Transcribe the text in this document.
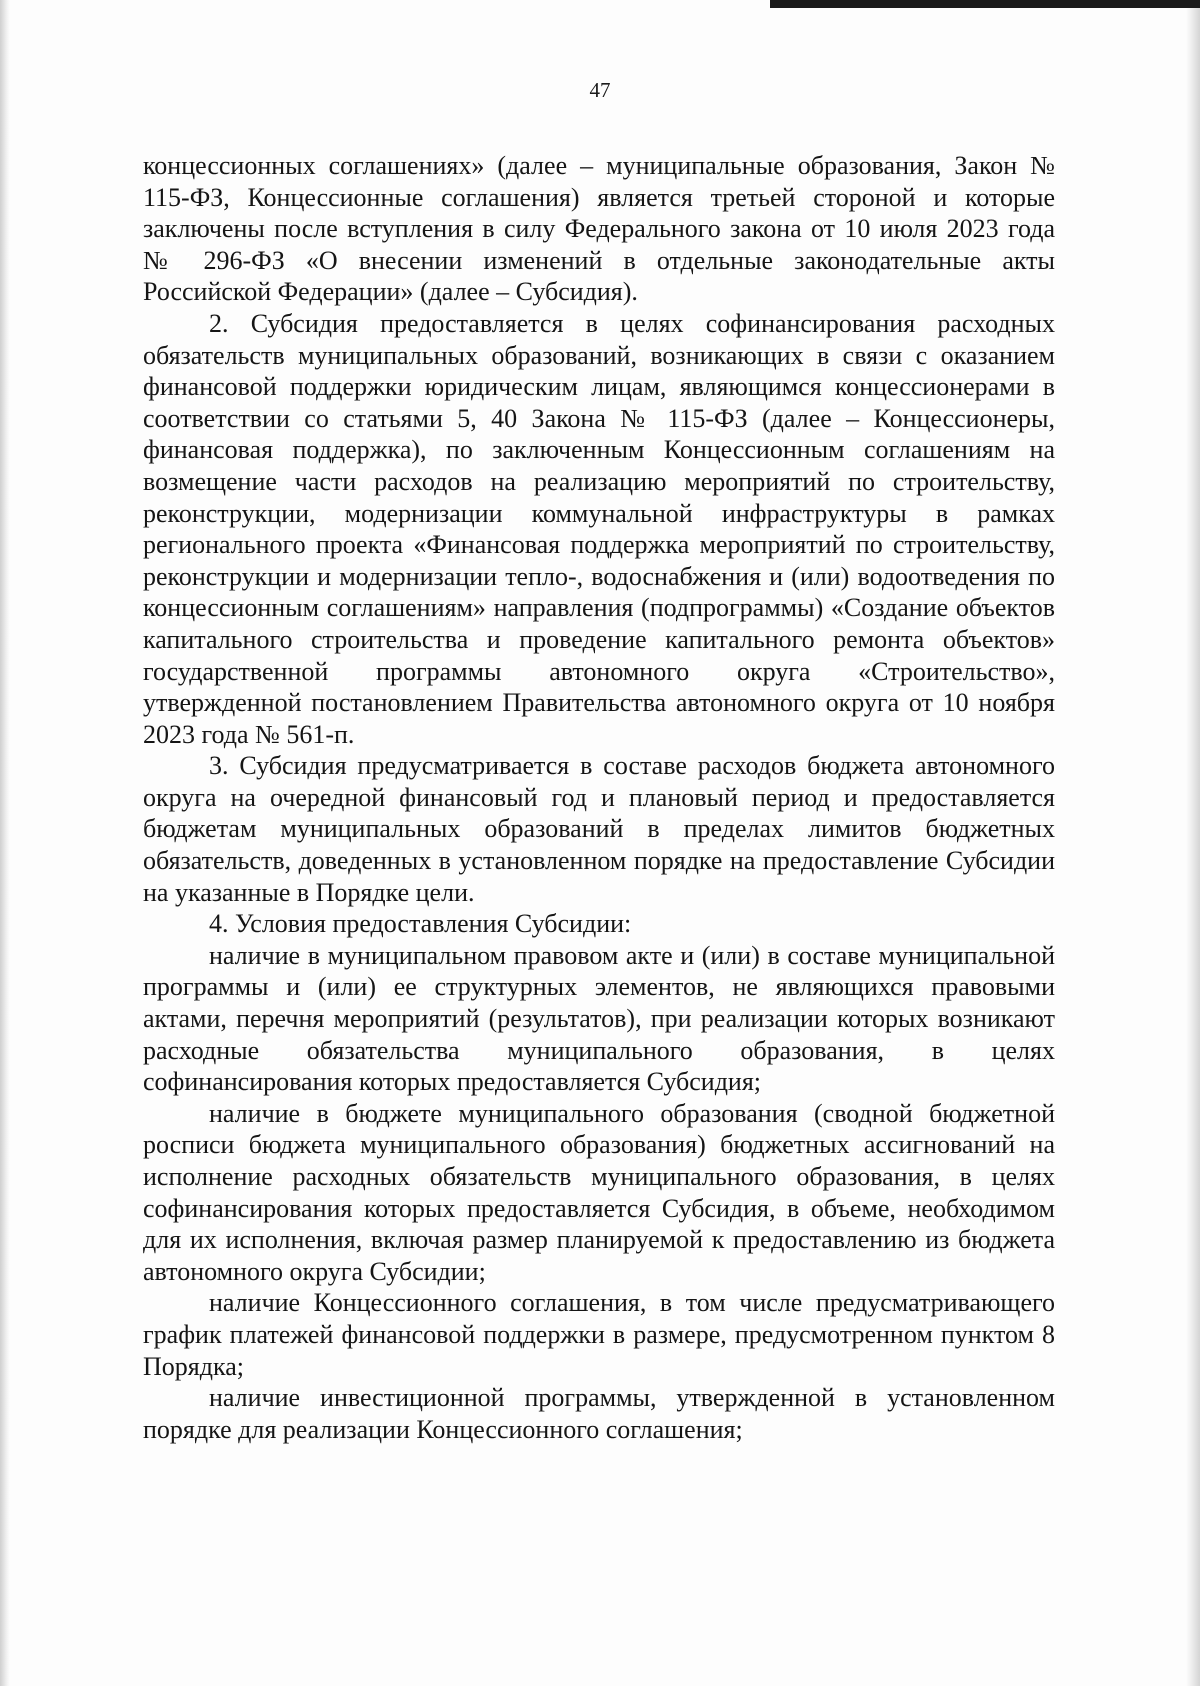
47

концессионных соглашениях» (далее – муниципальные образования, Закон № 115-ФЗ, Концессионные соглашения) является третьей стороной и которые заключены после вступления в силу Федерального закона от 10 июля 2023 года № 296-ФЗ «О внесении изменений в отдельные законодательные акты Российской Федерации» (далее – Субсидия).

2. Субсидия предоставляется в целях софинансирования расходных обязательств муниципальных образований, возникающих в связи с оказанием финансовой поддержки юридическим лицам, являющимся концессионерами в соответствии со статьями 5, 40 Закона № 115-ФЗ (далее – Концессионеры, финансовая поддержка), по заключенным Концессионным соглашениям на возмещение части расходов на реализацию мероприятий по строительству, реконструкции, модернизации коммунальной инфраструктуры в рамках регионального проекта «Финансовая поддержка мероприятий по строительству, реконструкции и модернизации тепло-, водоснабжения и (или) водоотведения по концессионным соглашениям» направления (подпрограммы) «Создание объектов капитального строительства и проведение капитального ремонта объектов» государственной программы автономного округа «Строительство», утвержденной постановлением Правительства автономного округа от 10 ноября 2023 года № 561-п.

3. Субсидия предусматривается в составе расходов бюджета автономного округа на очередной финансовый год и плановый период и предоставляется бюджетам муниципальных образований в пределах лимитов бюджетных обязательств, доведенных в установленном порядке на предоставление Субсидии на указанные в Порядке цели.

4. Условия предоставления Субсидии:

наличие в муниципальном правовом акте и (или) в составе муниципальной программы и (или) ее структурных элементов, не являющихся правовыми актами, перечня мероприятий (результатов), при реализации которых возникают расходные обязательства муниципального образования, в целях софинансирования которых предоставляется Субсидия;

наличие в бюджете муниципального образования (сводной бюджетной росписи бюджета муниципального образования) бюджетных ассигнований на исполнение расходных обязательств муниципального образования, в целях софинансирования которых предоставляется Субсидия, в объеме, необходимом для их исполнения, включая размер планируемой к предоставлению из бюджета автономного округа Субсидии;

наличие Концессионного соглашения, в том числе предусматривающего график платежей финансовой поддержки в размере, предусмотренном пунктом 8 Порядка;

наличие инвестиционной программы, утвержденной в установленном порядке для реализации Концессионного соглашения;
